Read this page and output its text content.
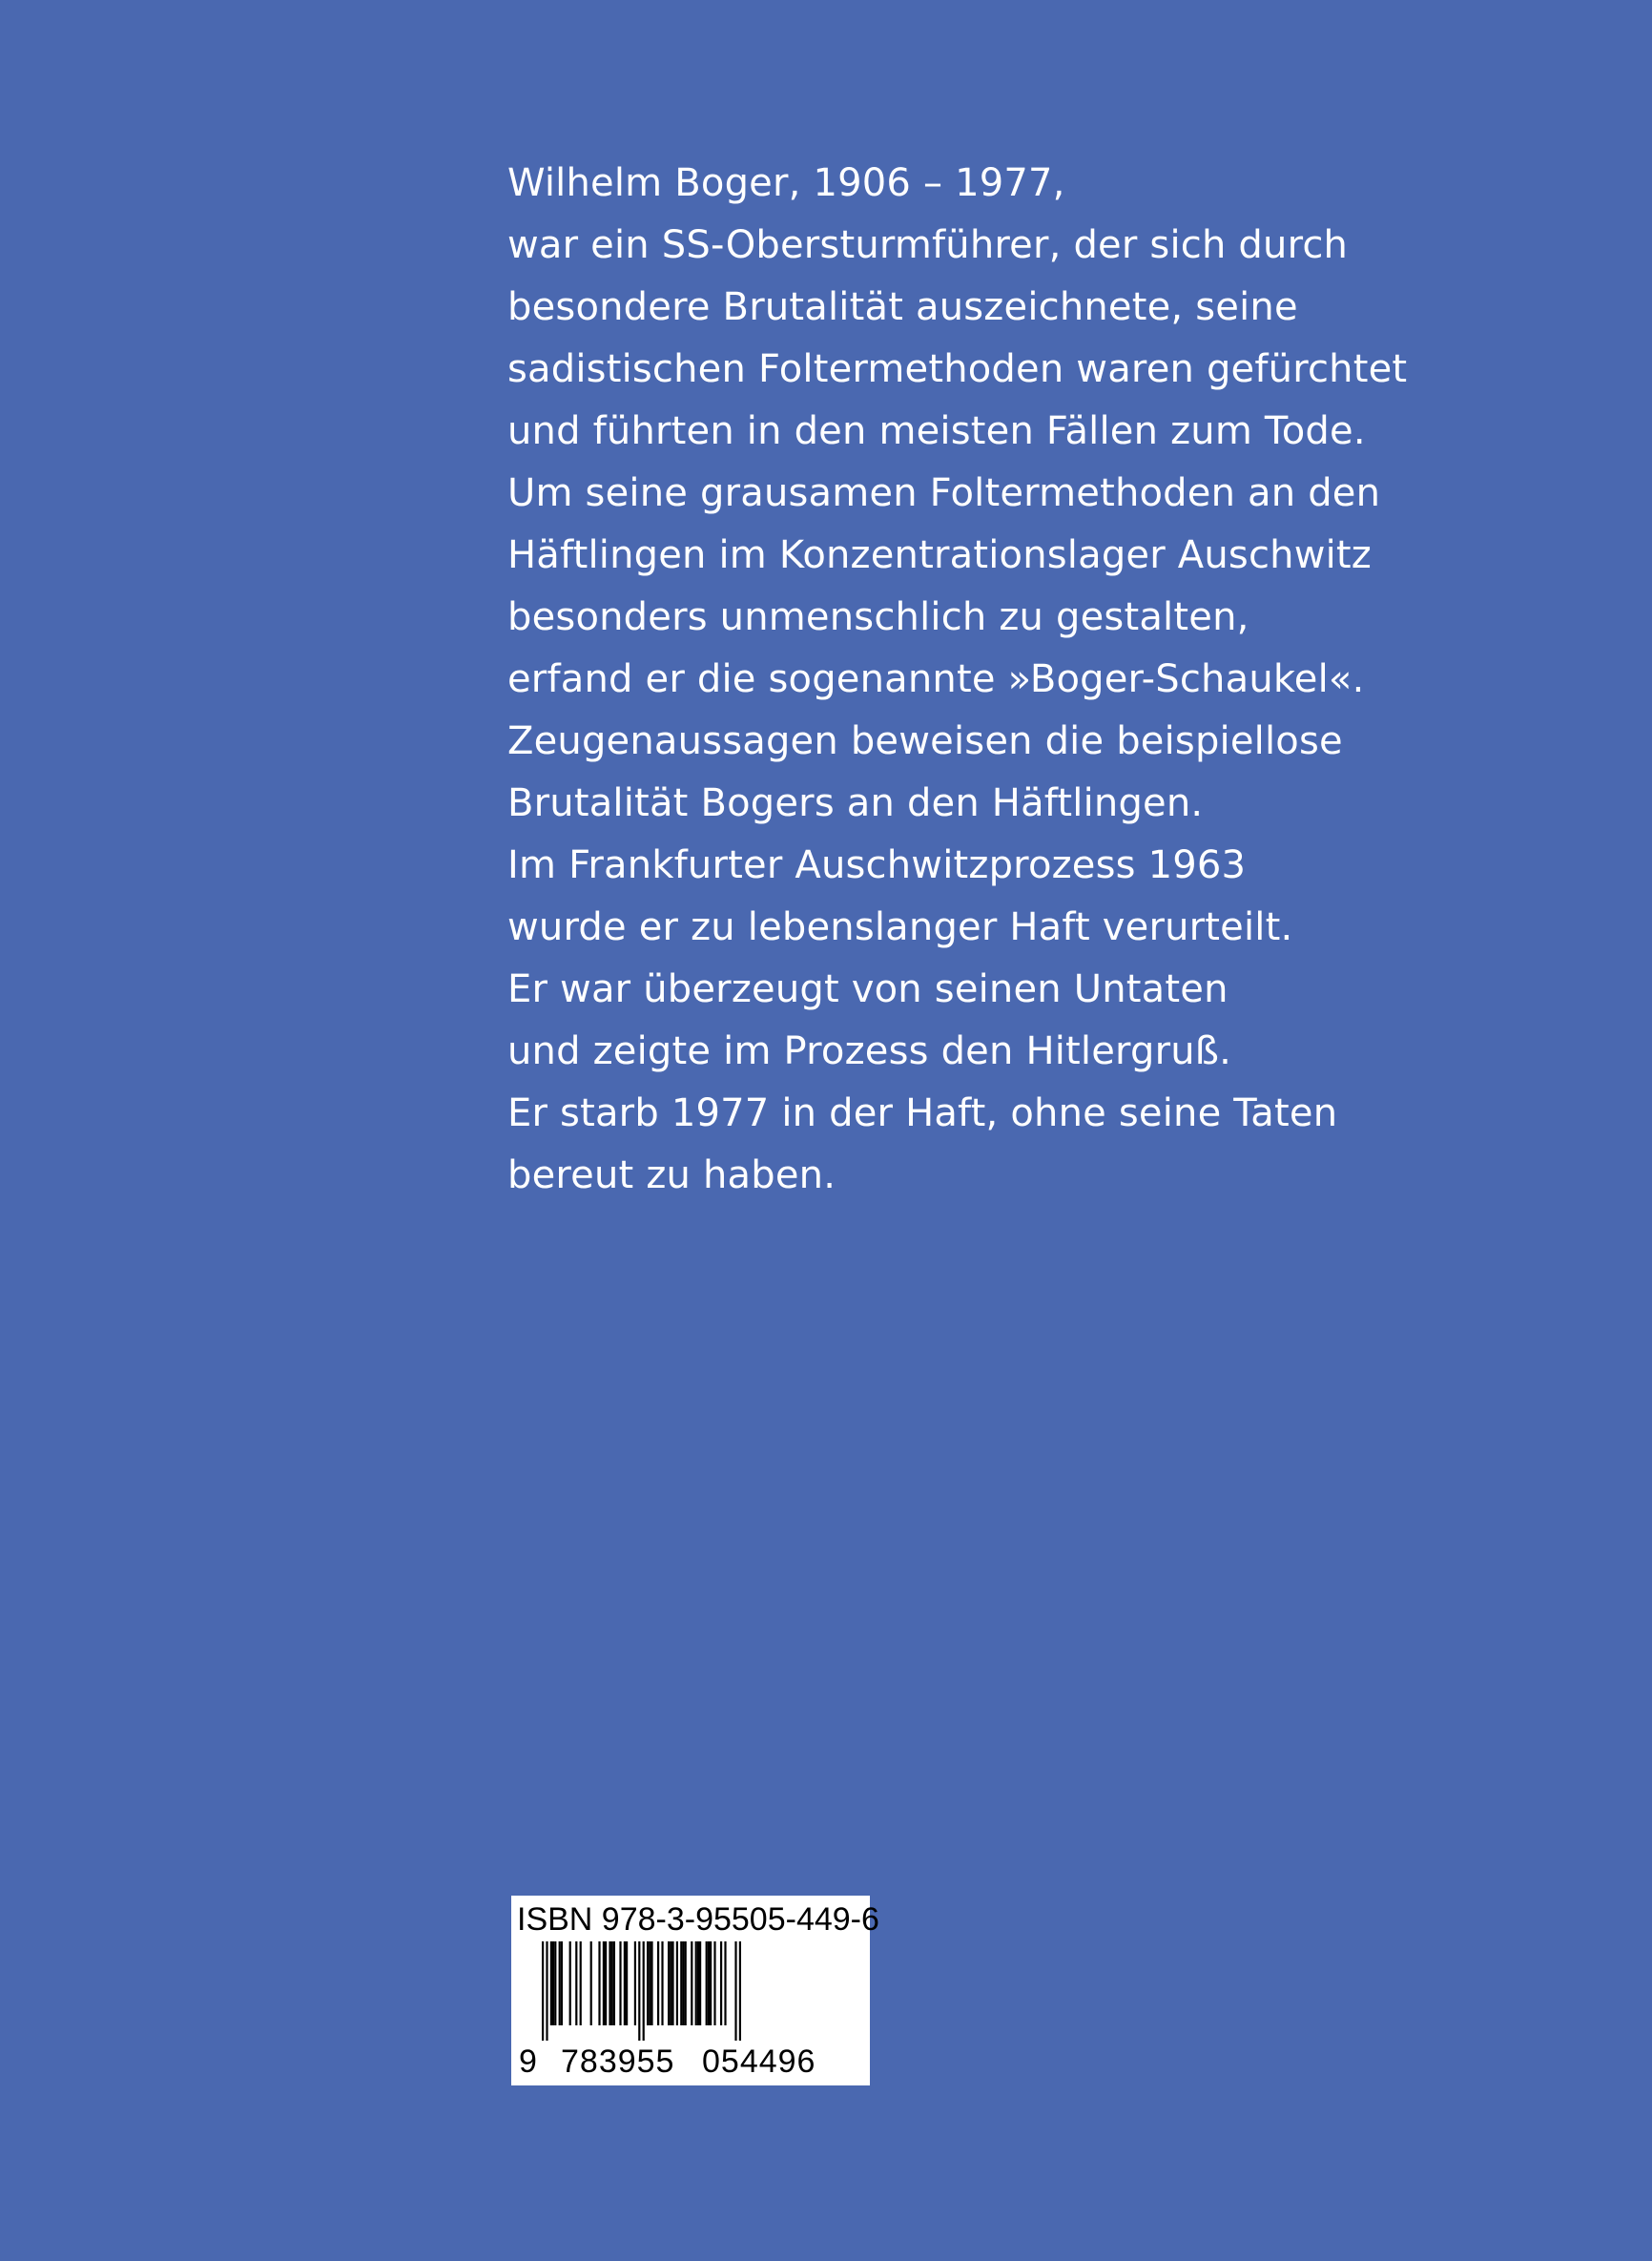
Wilhelm Boger, 1906 – 1977,
war ein SS-Obersturmführer, der sich durch
besondere Brutalität auszeichnete, seine
sadistischen Foltermethoden waren gefürchtet
und führten in den meisten Fällen zum Tode.
Um seine grausamen Foltermethoden an den
Häftlingen im Konzentrationslager Auschwitz
besonders unmenschlich zu gestalten,
erfand er die sogenannte »Boger-Schaukel«.
Zeugenaussagen beweisen die beispiellose
Brutalität Bogers an den Häftlingen.
Im Frankfurter Auschwitzprozess 1963
wurde er zu lebenslanger Haft verurteilt.
Er war überzeugt von seinen Untaten
und zeigte im Prozess den Hitlergruß.
Er starb 1977 in der Haft, ohne seine Taten
bereut zu haben.
ISBN 978-3-95505-449-6
9 783955 054496
